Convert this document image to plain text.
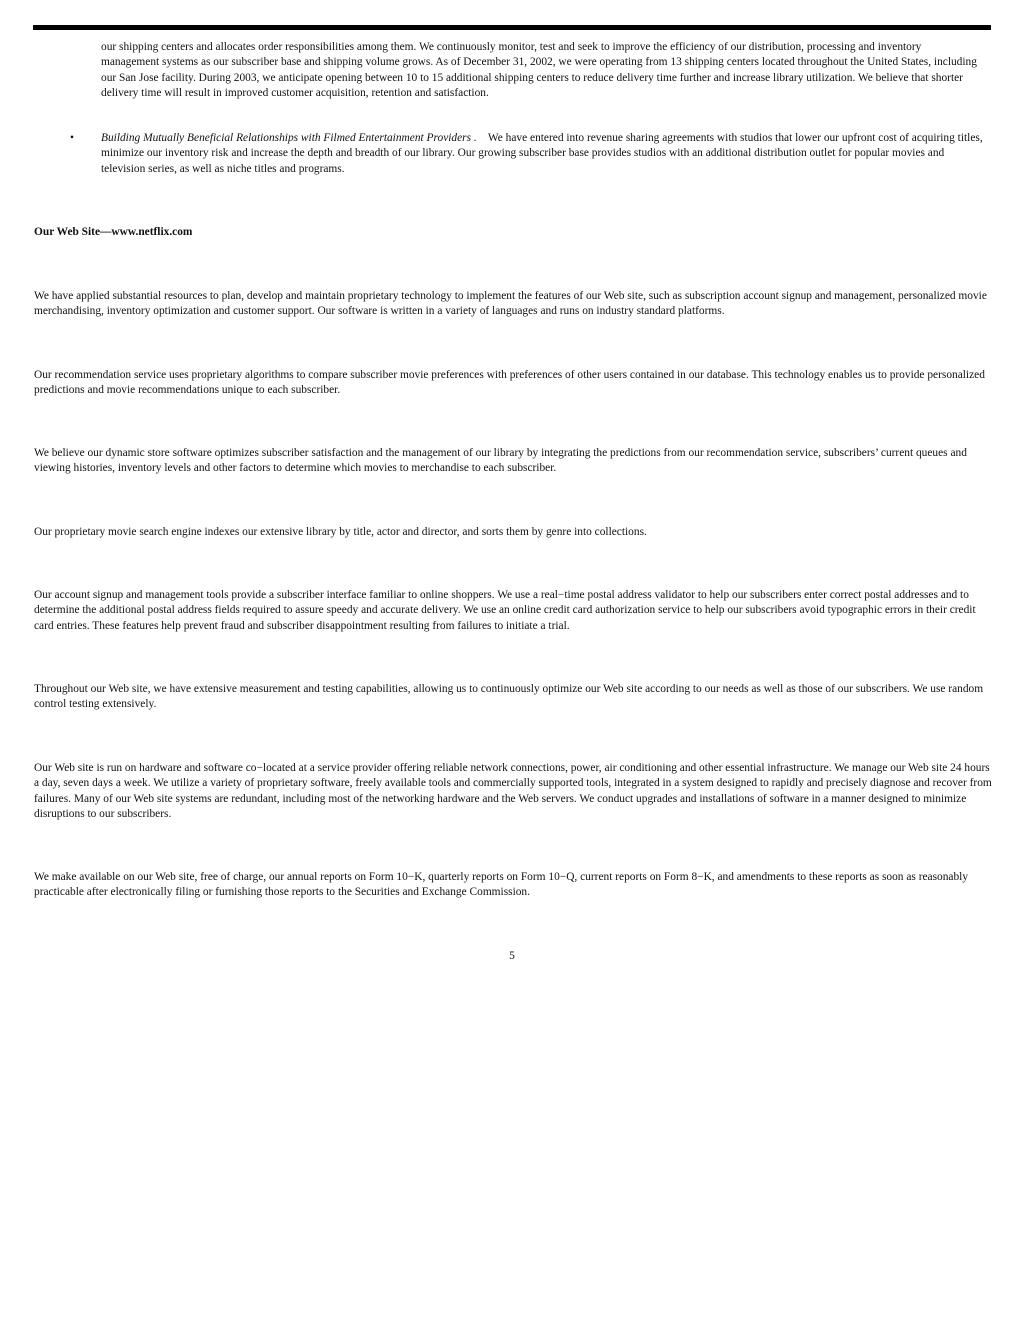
our shipping centers and allocates order responsibilities among them. We continuously monitor, test and seek to improve the efficiency of our distribution, processing and inventory management systems as our subscriber base and shipping volume grows. As of December 31, 2002, we were operating from 13 shipping centers located throughout the United States, including our San Jose facility. During 2003, we anticipate opening between 10 to 15 additional shipping centers to reduce delivery time further and increase library utilization. We believe that shorter delivery time will result in improved customer acquisition, retention and satisfaction.

• Building Mutually Beneficial Relationships with Filmed Entertainment Providers . We have entered into revenue sharing agreements with studios that lower our upfront cost of acquiring titles, minimize our inventory risk and increase the depth and breadth of our library. Our growing subscriber base provides studios with an additional distribution outlet for popular movies and television series, as well as niche titles and programs.

Our Web Site—www.netflix.com

We have applied substantial resources to plan, develop and maintain proprietary technology to implement the features of our Web site, such as subscription account signup and management, personalized movie merchandising, inventory optimization and customer support. Our software is written in a variety of languages and runs on industry standard platforms.

Our recommendation service uses proprietary algorithms to compare subscriber movie preferences with preferences of other users contained in our database. This technology enables us to provide personalized predictions and movie recommendations unique to each subscriber.

We believe our dynamic store software optimizes subscriber satisfaction and the management of our library by integrating the predictions from our recommendation service, subscribers’ current queues and viewing histories, inventory levels and other factors to determine which movies to merchandise to each subscriber.

Our proprietary movie search engine indexes our extensive library by title, actor and director, and sorts them by genre into collections.

Our account signup and management tools provide a subscriber interface familiar to online shoppers. We use a real−time postal address validator to help our subscribers enter correct postal addresses and to determine the additional postal address fields required to assure speedy and accurate delivery. We use an online credit card authorization service to help our subscribers avoid typographic errors in their credit card entries. These features help prevent fraud and subscriber disappointment resulting from failures to initiate a trial.

Throughout our Web site, we have extensive measurement and testing capabilities, allowing us to continuously optimize our Web site according to our needs as well as those of our subscribers. We use random control testing extensively.

Our Web site is run on hardware and software co−located at a service provider offering reliable network connections, power, air conditioning and other essential infrastructure. We manage our Web site 24 hours a day, seven days a week. We utilize a variety of proprietary software, freely available tools and commercially supported tools, integrated in a system designed to rapidly and precisely diagnose and recover from failures. Many of our Web site systems are redundant, including most of the networking hardware and the Web servers. We conduct upgrades and installations of software in a manner designed to minimize disruptions to our subscribers.

We make available on our Web site, free of charge, our annual reports on Form 10−K, quarterly reports on Form 10−Q, current reports on Form 8−K, and amendments to these reports as soon as reasonably practicable after electronically filing or furnishing those reports to the Securities and Exchange Commission.

5
